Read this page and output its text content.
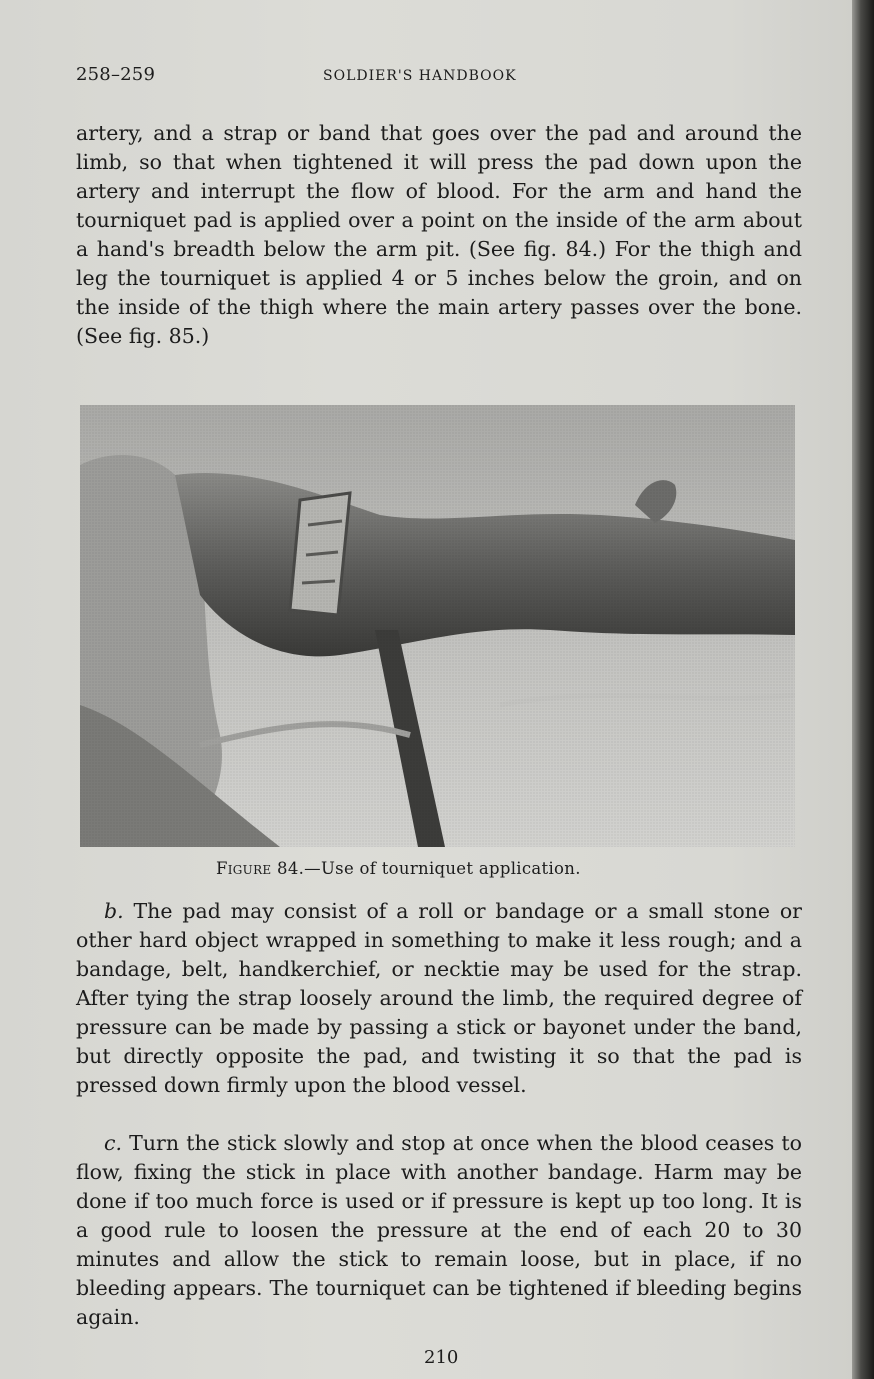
258–259	SOLDIER'S HANDBOOK

artery, and a strap or band that goes over the pad and around the limb, so that when tightened it will press the pad down upon the artery and interrupt the flow of blood. For the arm and hand the tourniquet pad is applied over a point on the inside of the arm about a hand's breadth below the arm pit. (See fig. 84.) For the thigh and leg the tourniquet is applied 4 or 5 inches below the groin, and on the inside of the thigh where the main artery passes over the bone. (See fig. 85.)

Figure 84.—Use of tourniquet application.

b. The pad may consist of a roll or bandage or a small stone or other hard object wrapped in something to make it less rough; and a bandage, belt, handkerchief, or necktie may be used for the strap. After tying the strap loosely around the limb, the required degree of pressure can be made by passing a stick or bayonet under the band, but directly opposite the pad, and twisting it so that the pad is pressed down firmly upon the blood vessel.

c. Turn the stick slowly and stop at once when the blood ceases to flow, fixing the stick in place with another bandage. Harm may be done if too much force is used or if pressure is kept up too long. It is a good rule to loosen the pressure at the end of each 20 to 30 minutes and allow the stick to remain loose, but in place, if no bleeding appears. The tourniquet can be tightened if bleeding begins again.

210
